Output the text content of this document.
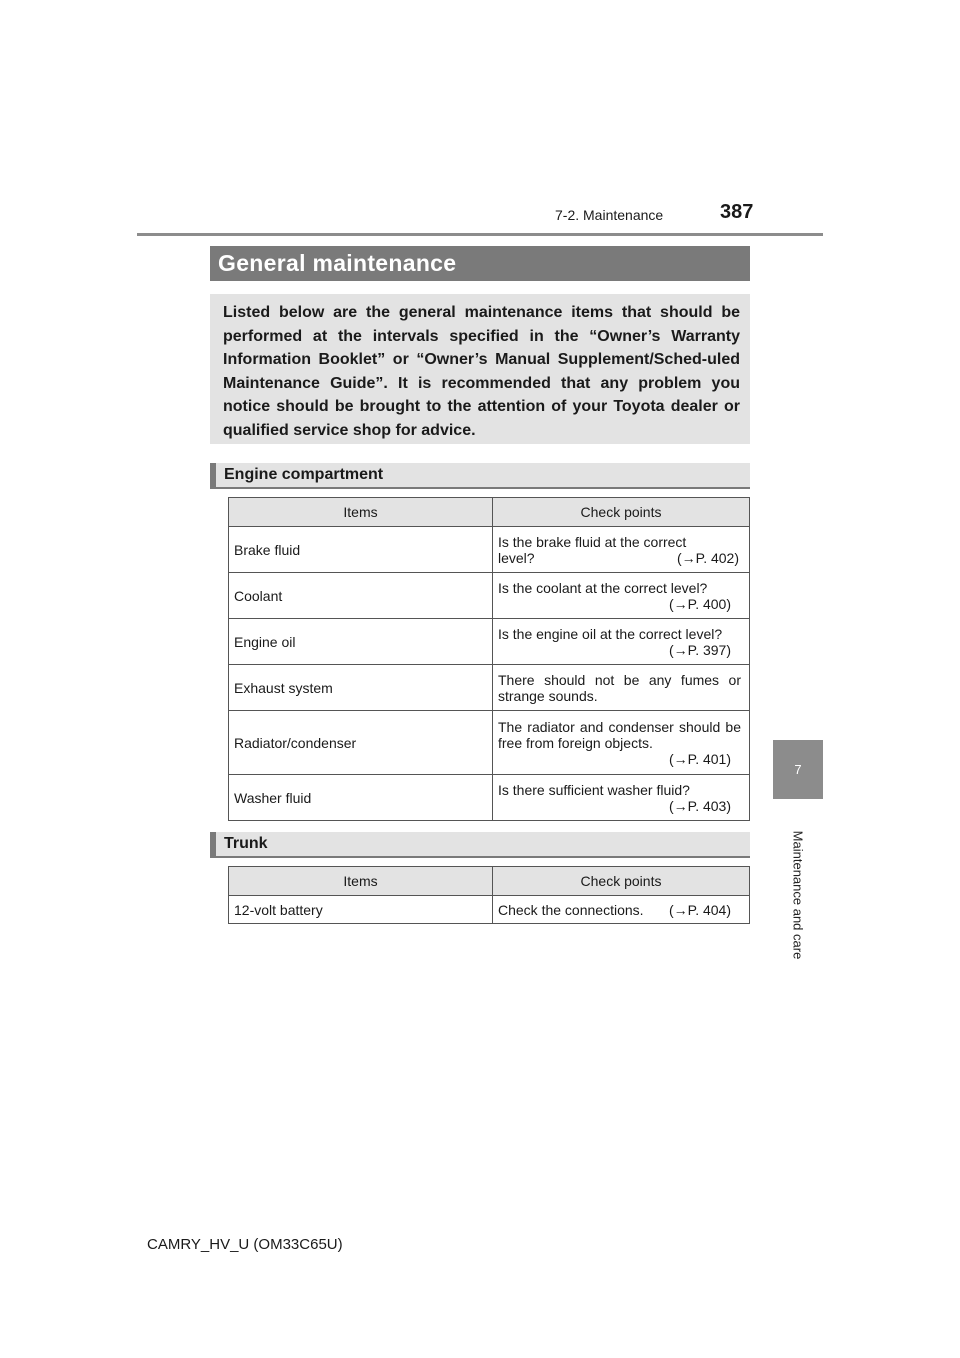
7-2. Maintenance	387
7
Maintenance and care
General maintenance
Listed below are the general maintenance items that should be performed at the intervals specified in the “Owner’s Warranty Information Booklet” or “Owner’s Manual Supplement/Sched-uled Maintenance Guide”. It is recommended that any problem you notice should be brought to the attention of your Toyota dealer or qualified service shop for advice.
Engine compartment
Items	Check points
Brake fluid	Is the brake fluid at the correct
level? (→P. 402)

Coolant	Is the coolant at the correct level?
(→P. 400)

Engine oil	Is the engine oil at the correct level?
(→P. 397)

Exhaust system	There should not be any fumes or strange sounds.

Radiator/condenser	The radiator and condenser should be free from foreign objects.
(→P. 401)

Washer fluid	Is there sufficient washer fluid?
(→P. 403)
Trunk
Items	Check points
12-volt battery	Check the connections. (→P. 404)
CAMRY_HV_U (OM33C65U)
